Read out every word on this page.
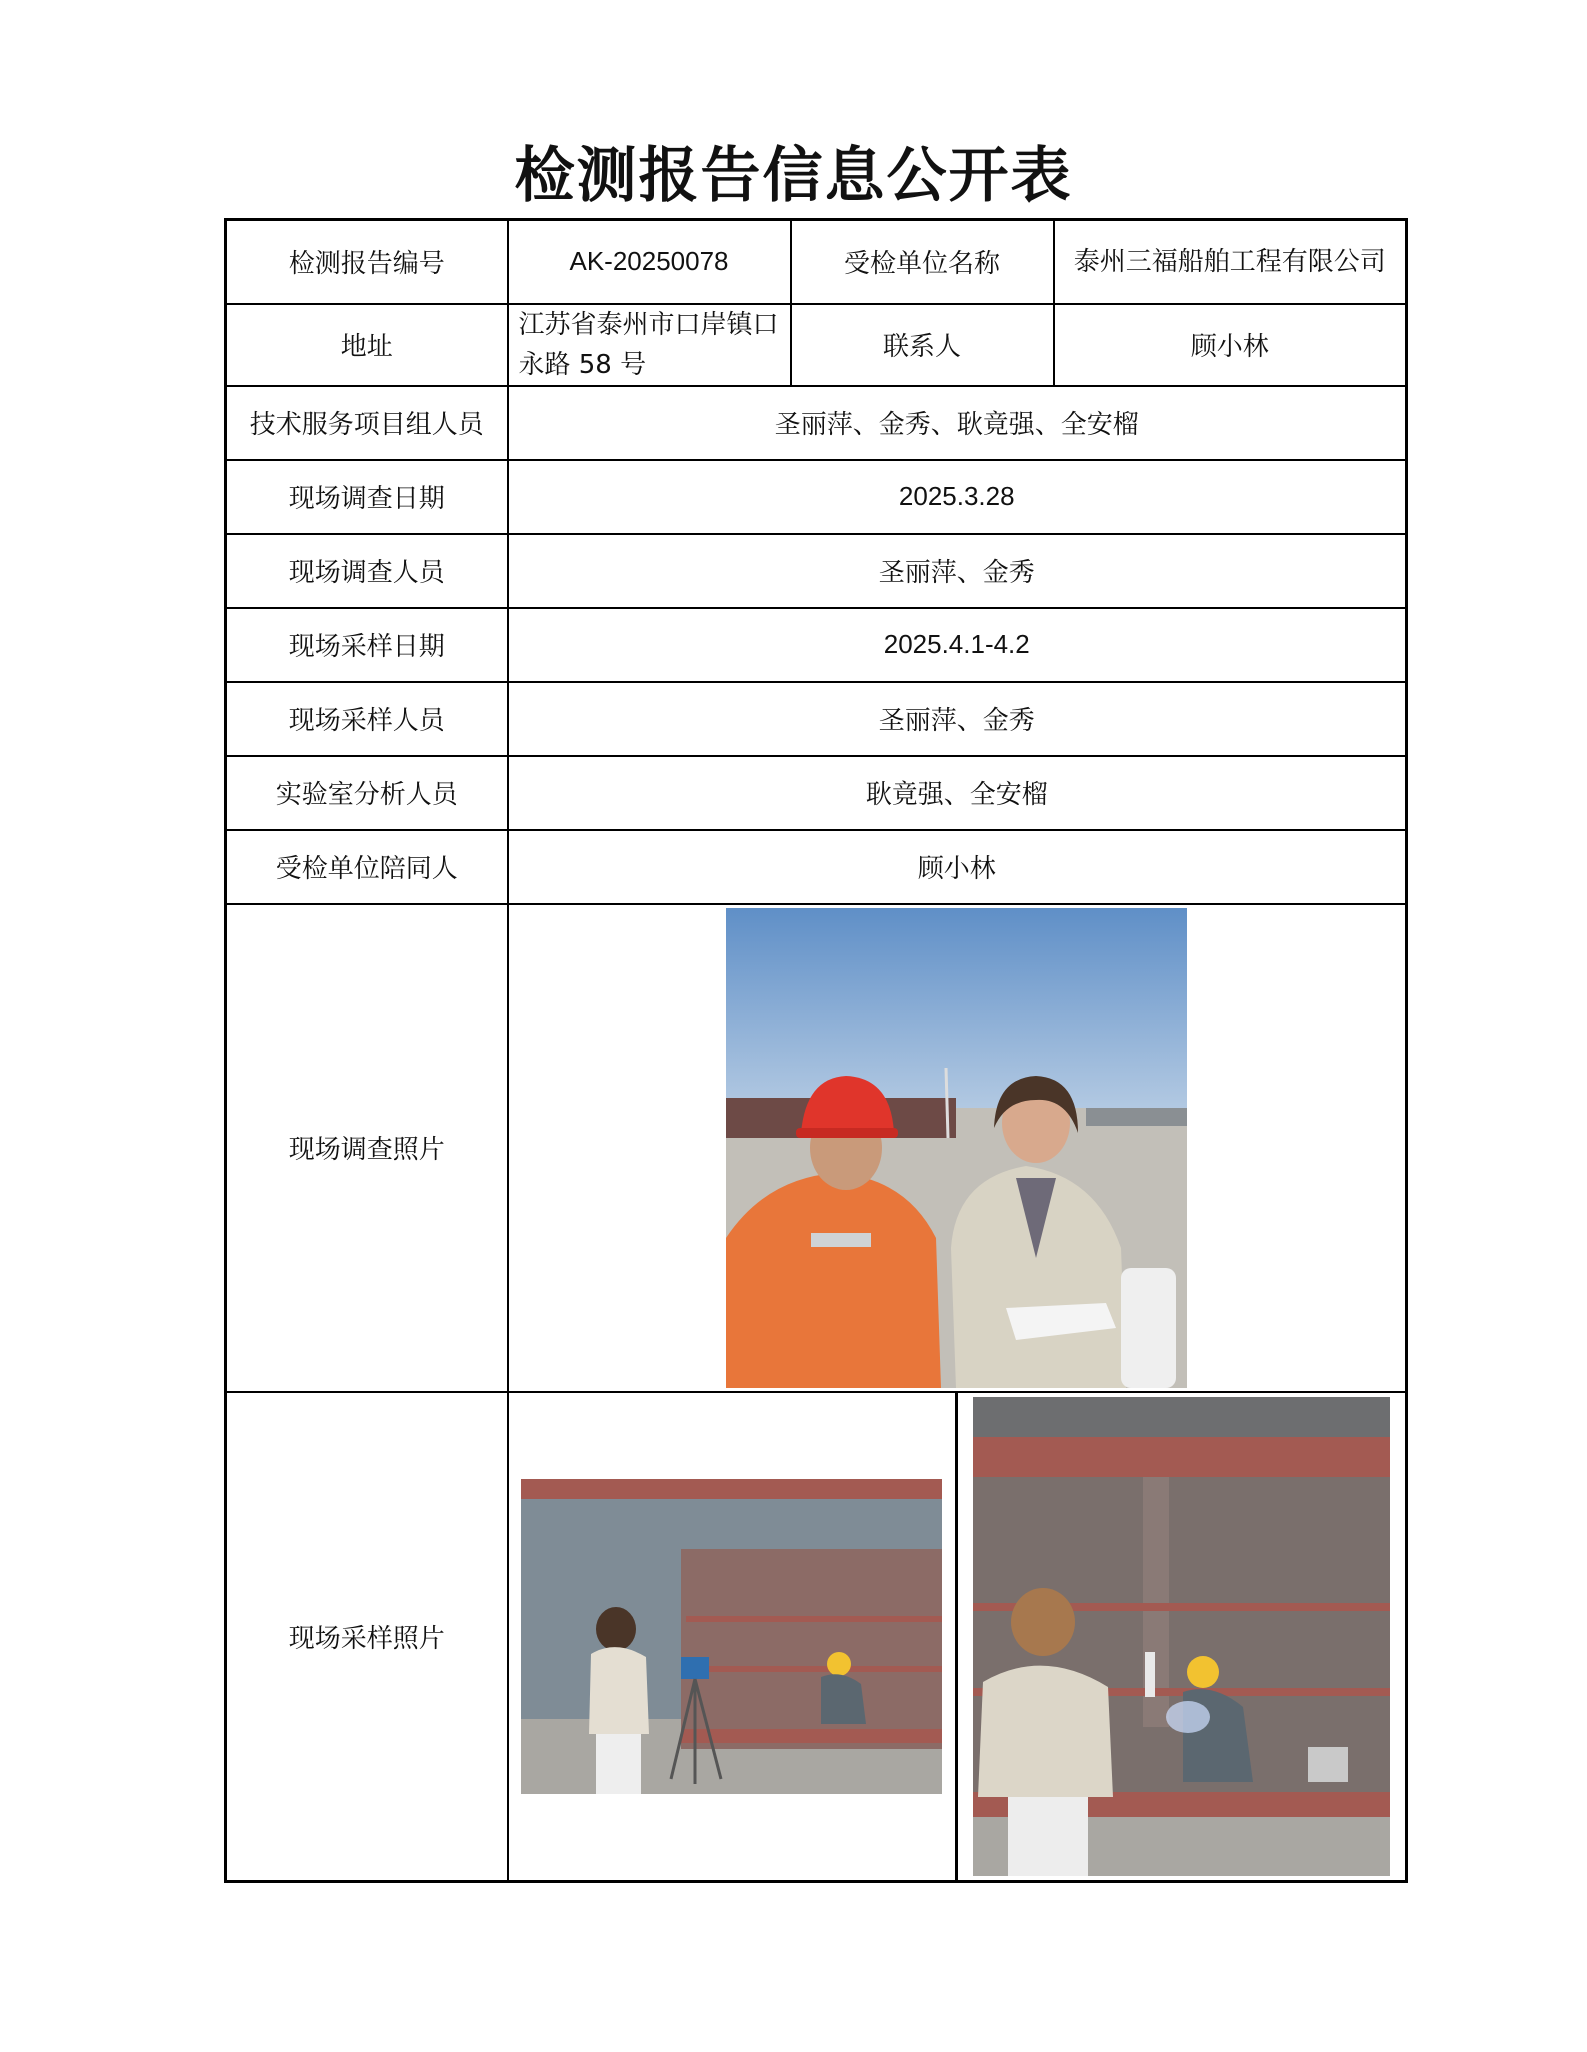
检测报告信息公开表
检测报告编号	AK-20250078	受检单位名称	泰州三福船舶工程有限公司
地址	江苏省泰州市口岸镇口永路 58 号	联系人	顾小林
技术服务项目组人员	圣丽萍、金秀、耿竟强、全安榴		
现场调查日期	2025.3.28		
现场调查人员	圣丽萍、金秀		
现场采样日期	2025.4.1-4.2		
现场采样人员	圣丽萍、金秀		
实验室分析人员	耿竟强、全安榴		
受检单位陪同人	顾小林		
现场调查照片	

现场采样照片	
